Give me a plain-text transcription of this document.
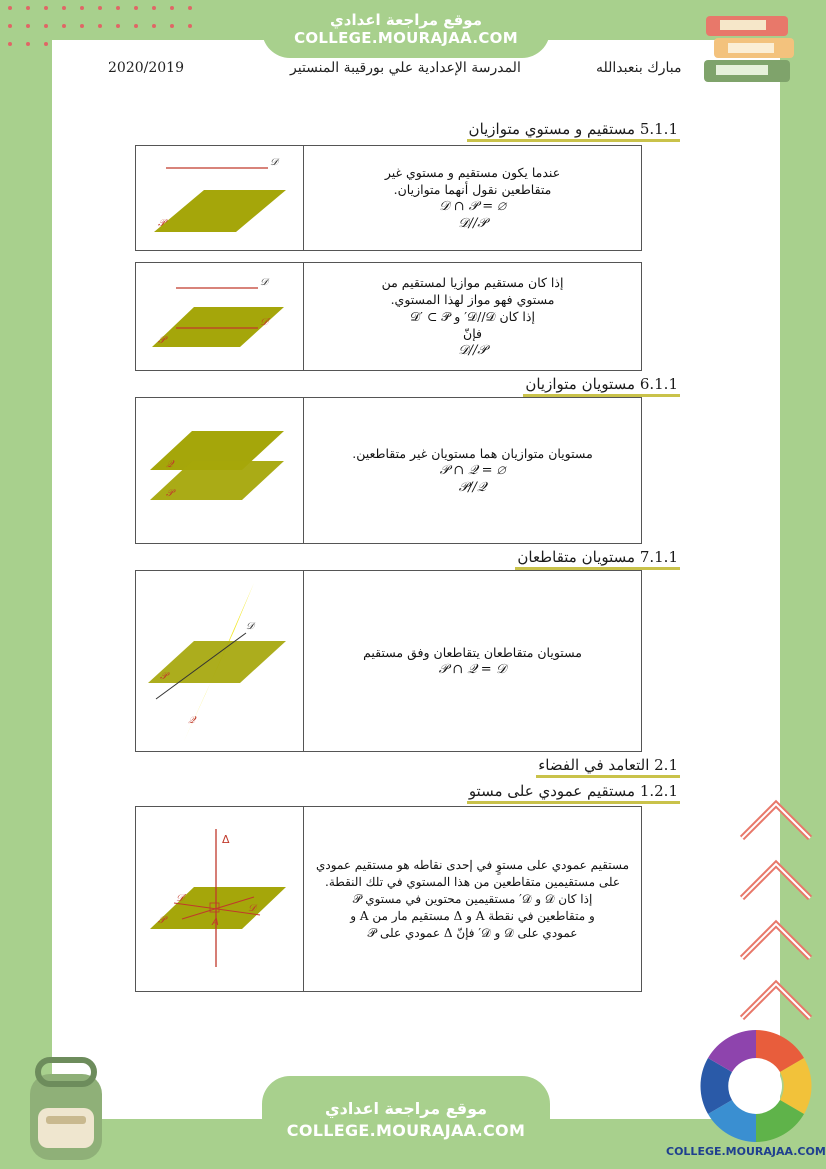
موقع مراجعة اعدادي
COLLEGE.MOURAJAA.COM
2020/2019	المدرسة الإعدادية علي بورقيبة المنستير	مبارك بنعبدالله
5.1.1 مستقيم و مستوي متوازيان
6.1.1 مستويان متوازيان
7.1.1 مستويان متقاطعان
2.1 التعامد في الفضاء
1.2.1 مستقيم عمودي على مستو
𝒟
𝒫
عندما يكون مستقيم و مستوي غير
متقاطعين نقول أنهما متوازيان.
𝒟 ∩ 𝒫 = ∅
𝒟//𝒫
𝒟
𝒟′
𝒫
إذا كان مستقيم موازيا لمستقيم من
مستوي فهو مواز لهذا المستوي.
إذا كان 𝒟//𝒟′ و 𝒟′ ⊂ 𝒫
فإنّ
𝒟//𝒫
𝒬
𝒫
مستويان متوازيان هما مستويان غير متقاطعين.
𝒫 ∩ 𝒬 = ∅
𝒫//𝒬
𝒟
𝒫
𝒬
مستويان متقاطعان يتقاطعان وفق مستقيم
𝒫 ∩ 𝒬 = 𝒟
Δ
𝒟′
𝒟
𝒫	A
مستقيم عمودي على مستوٍ في إحدى نقاطه هو مستقيم عمودي
على مستقيمين متقاطعين من هذا المستوي في تلك النقطة.
إذا كان 𝒟 و 𝒟′ مستقيمين محتوين في مستوي 𝒫
و متقاطعين في نقطة A و Δ مستقيم مار من A و
عمودي على 𝒟 و 𝒟′ فإنّ Δ عمودي على 𝒫
موقع مراجعة اعدادي
COLLEGE.MOURAJAA.COM
COLLEGE.MOURAJAA.COM
